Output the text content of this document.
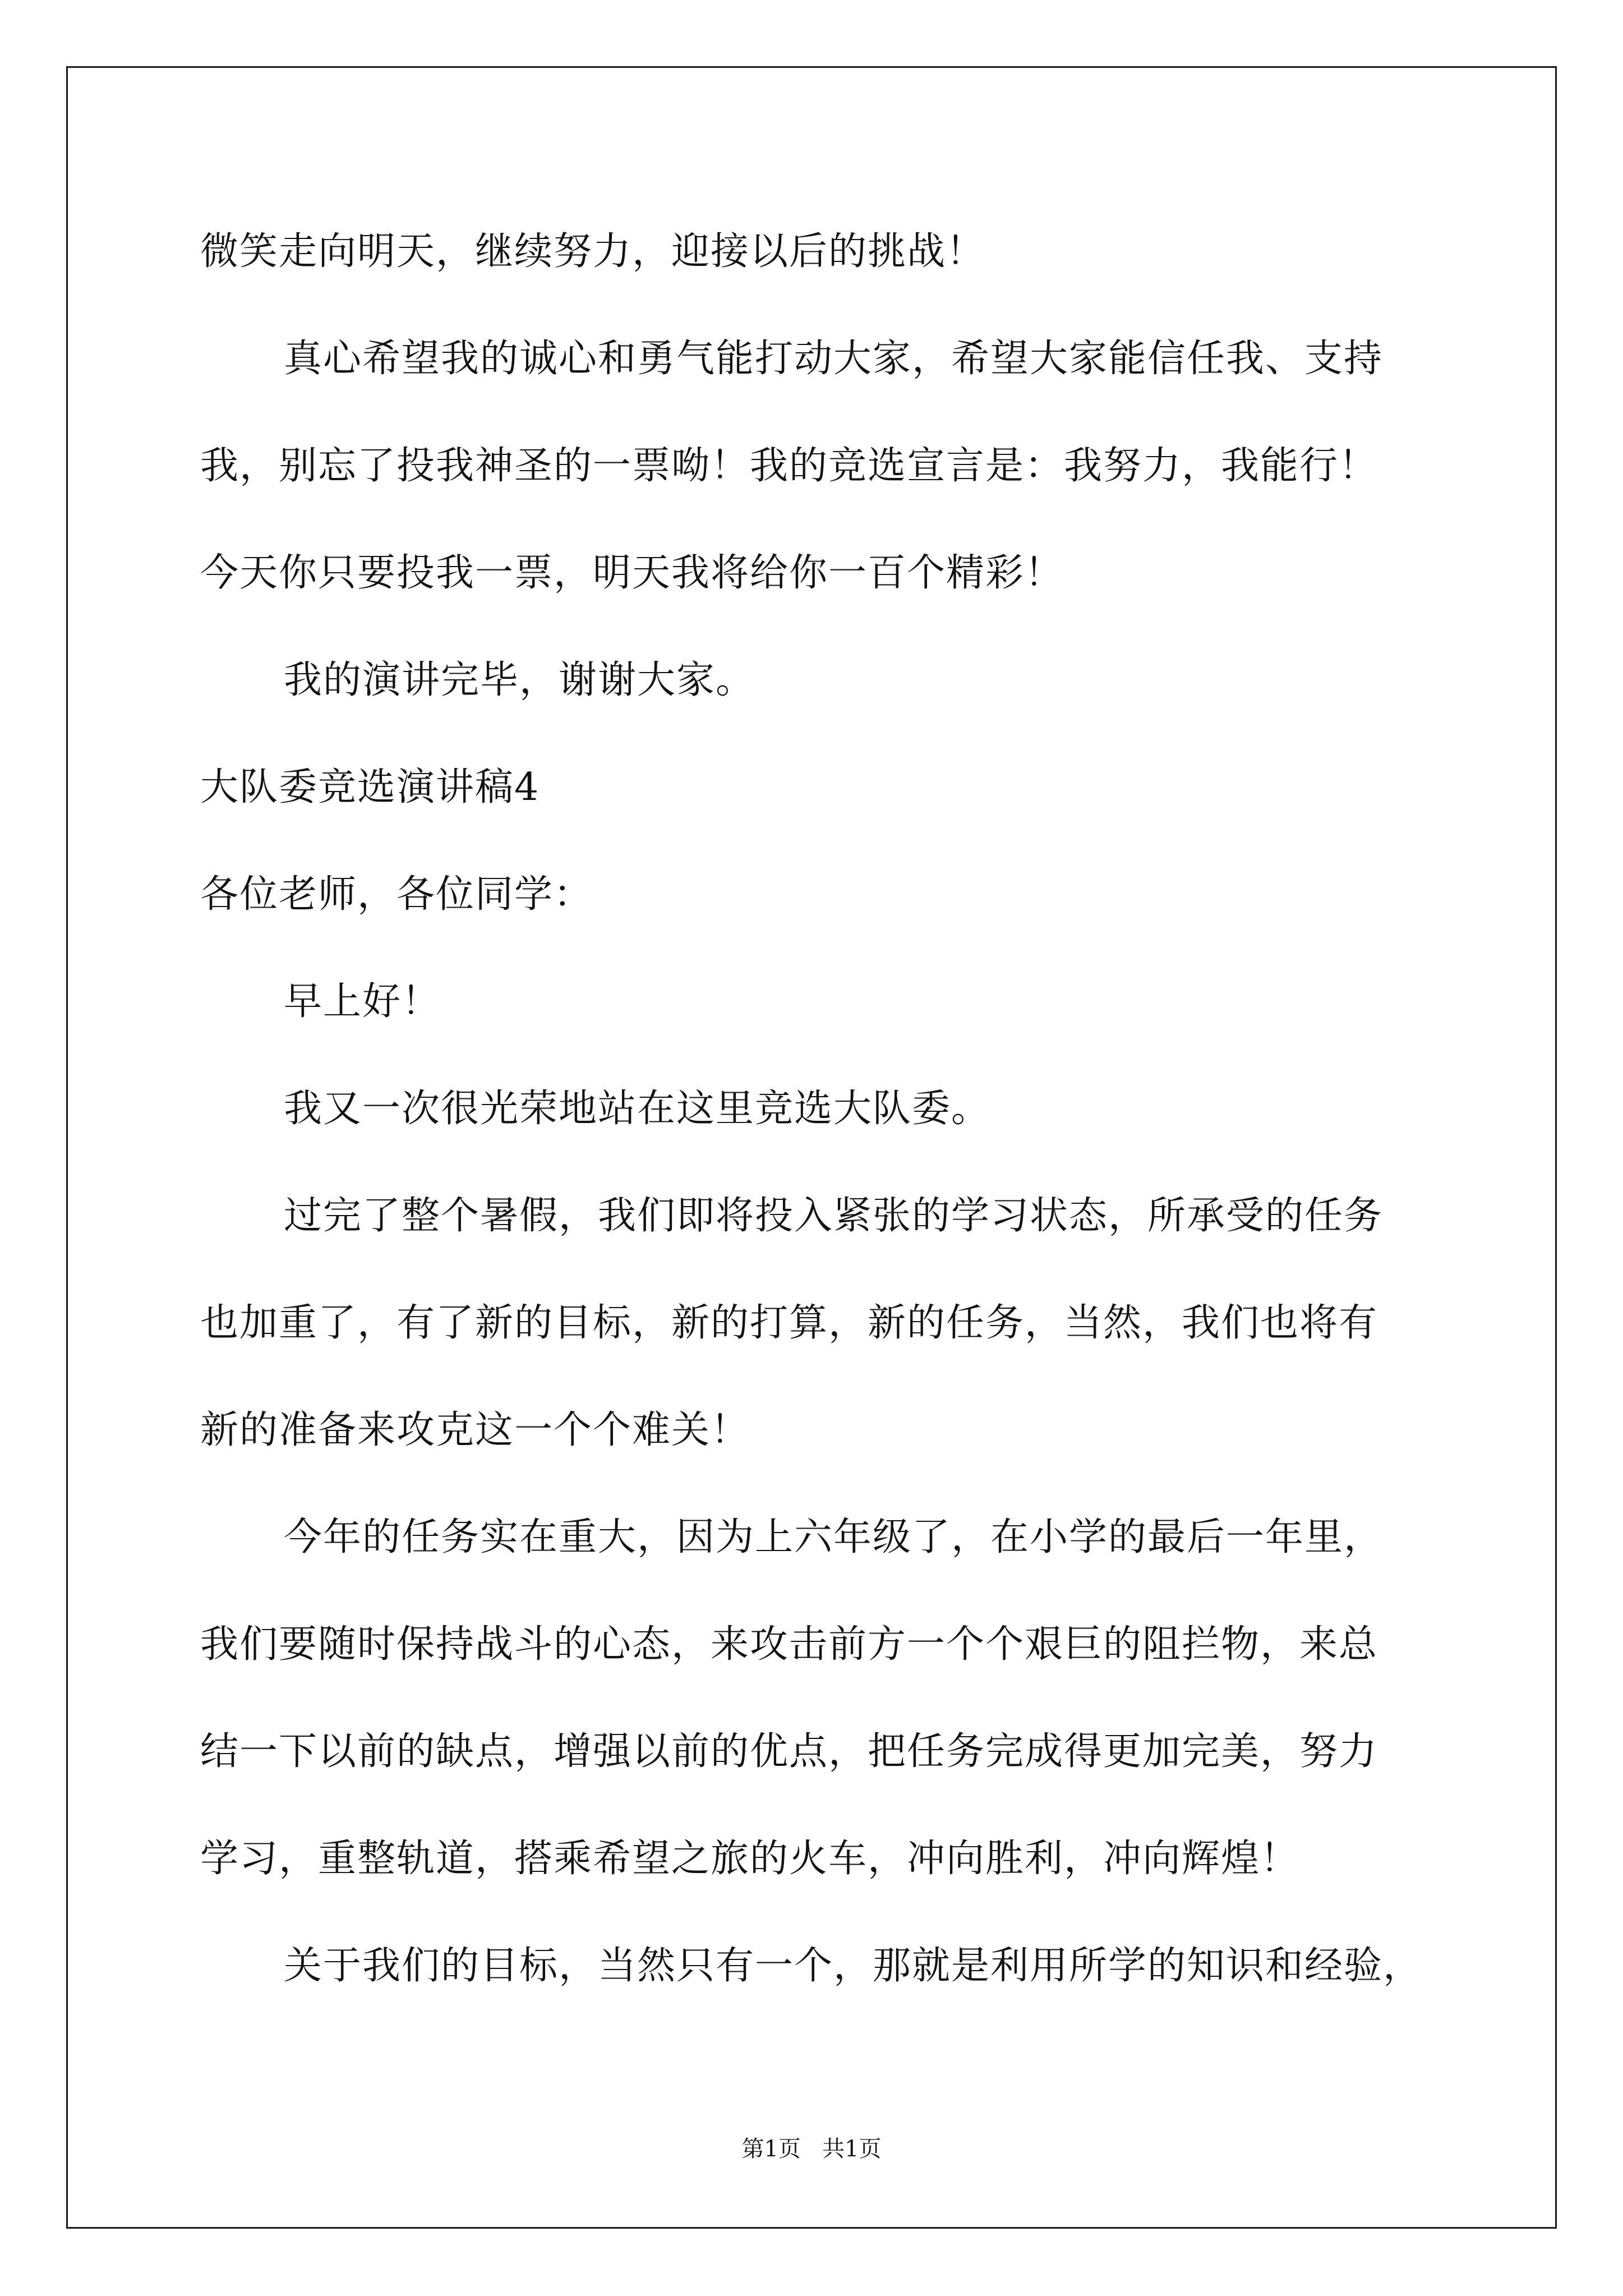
微笑走向明天，继续努力，迎接以后的挑战！
真心希望我的诚心和勇气能打动大家，希望大家能信任我、支持
我，别忘了投我神圣的一票呦！我的竞选宣言是：我努力，我能行！
今天你只要投我一票，明天我将给你一百个精彩！
我的演讲完毕，谢谢大家。
大队委竞选演讲稿4
各位老师，各位同学：
早上好！
我又一次很光荣地站在这里竞选大队委。
过完了整个暑假，我们即将投入紧张的学习状态，所承受的任务
也加重了，有了新的目标，新的打算，新的任务，当然，我们也将有
新的准备来攻克这一个个难关！
今年的任务实在重大，因为上六年级了，在小学的最后一年里，
我们要随时保持战斗的心态，来攻击前方一个个艰巨的阻拦物，来总
结一下以前的缺点，增强以前的优点，把任务完成得更加完美，努力
学习，重整轨道，搭乘希望之旅的火车，冲向胜利，冲向辉煌！
关于我们的目标，当然只有一个，那就是利用所学的知识和经验，
第1页   共1页
